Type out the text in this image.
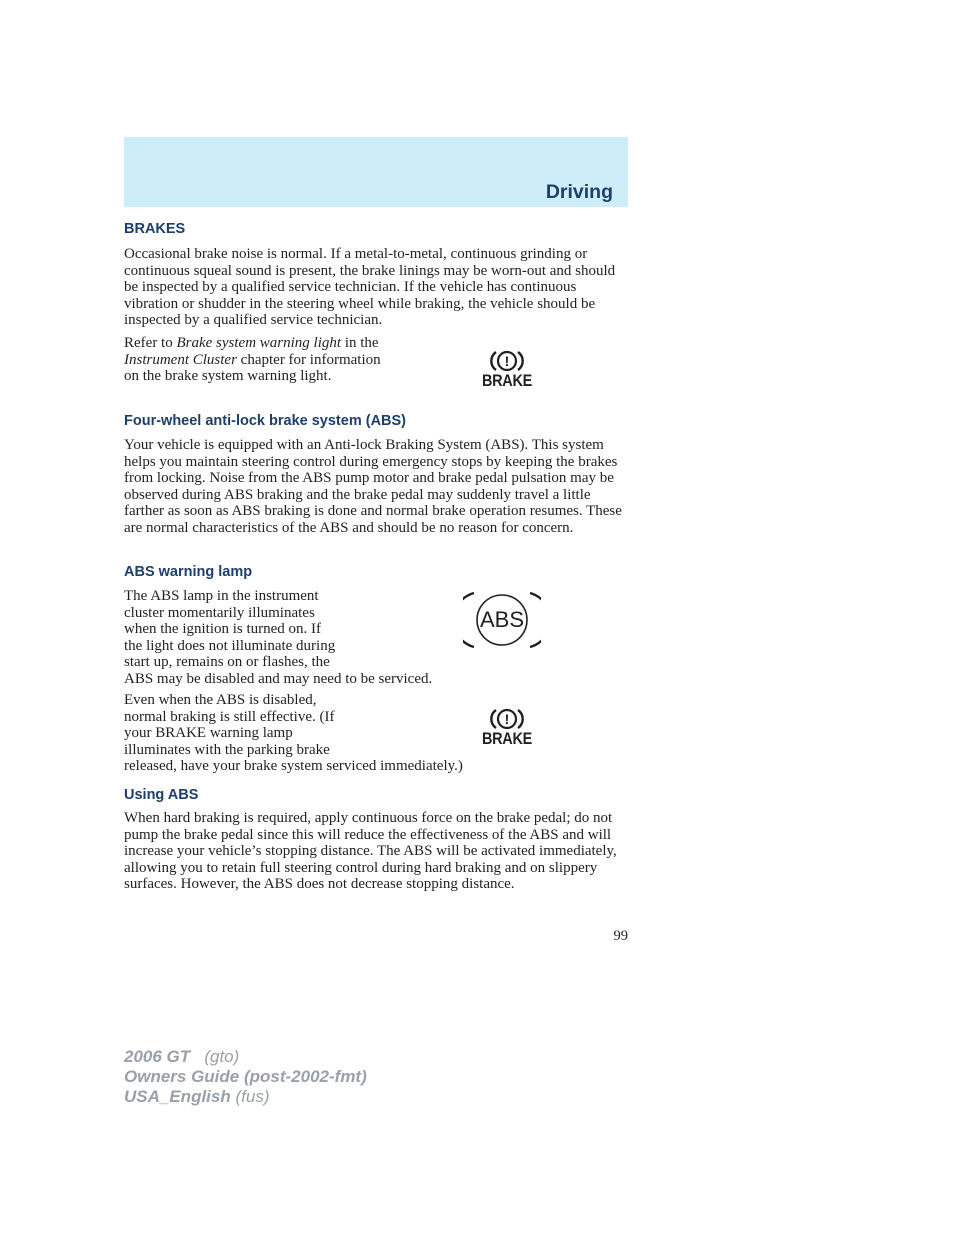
Driving
BRAKES

Occasional brake noise is normal. If a metal-to-metal, continuous grinding or continuous squeal sound is present, the brake linings may be worn-out and should be inspected by a qualified service technician. If the vehicle has continuous vibration or shudder in the steering wheel while braking, the vehicle should be inspected by a qualified service technician.

Refer to Brake system warning light in the Instrument Cluster chapter for information on the brake system warning light.

!
BRAKE
Four-wheel anti-lock brake system (ABS)

Your vehicle is equipped with an Anti-lock Braking System (ABS). This system helps you maintain steering control during emergency stops by keeping the brakes from locking. Noise from the ABS pump motor and brake pedal pulsation may be observed during ABS braking and the brake pedal may suddenly travel a little farther as soon as ABS braking is done and normal brake operation resumes. These are normal characteristics of the ABS and should be no reason for concern.

ABS warning lamp

The ABS lamp in the instrument
cluster momentarily illuminates
when the ignition is turned on. If
the light does not illuminate during
start up, remains on or flashes, the
ABS may be disabled and may need to be serviced.

ABS

Even when the ABS is disabled,
normal braking is still effective. (If
your BRAKE warning lamp
illuminates with the parking brake
released, have your brake system serviced immediately.)

!
BRAKE
Using ABS

When hard braking is required, apply continuous force on the brake pedal; do not pump the brake pedal since this will reduce the effectiveness of the ABS and will increase your vehicle’s stopping distance. The ABS will be activated immediately, allowing you to retain full steering control during hard braking and on slippery surfaces. However, the ABS does not decrease stopping distance.

99
2006 GT (gto)
Owners Guide (post-2002-fmt)
USA_English (fus)
